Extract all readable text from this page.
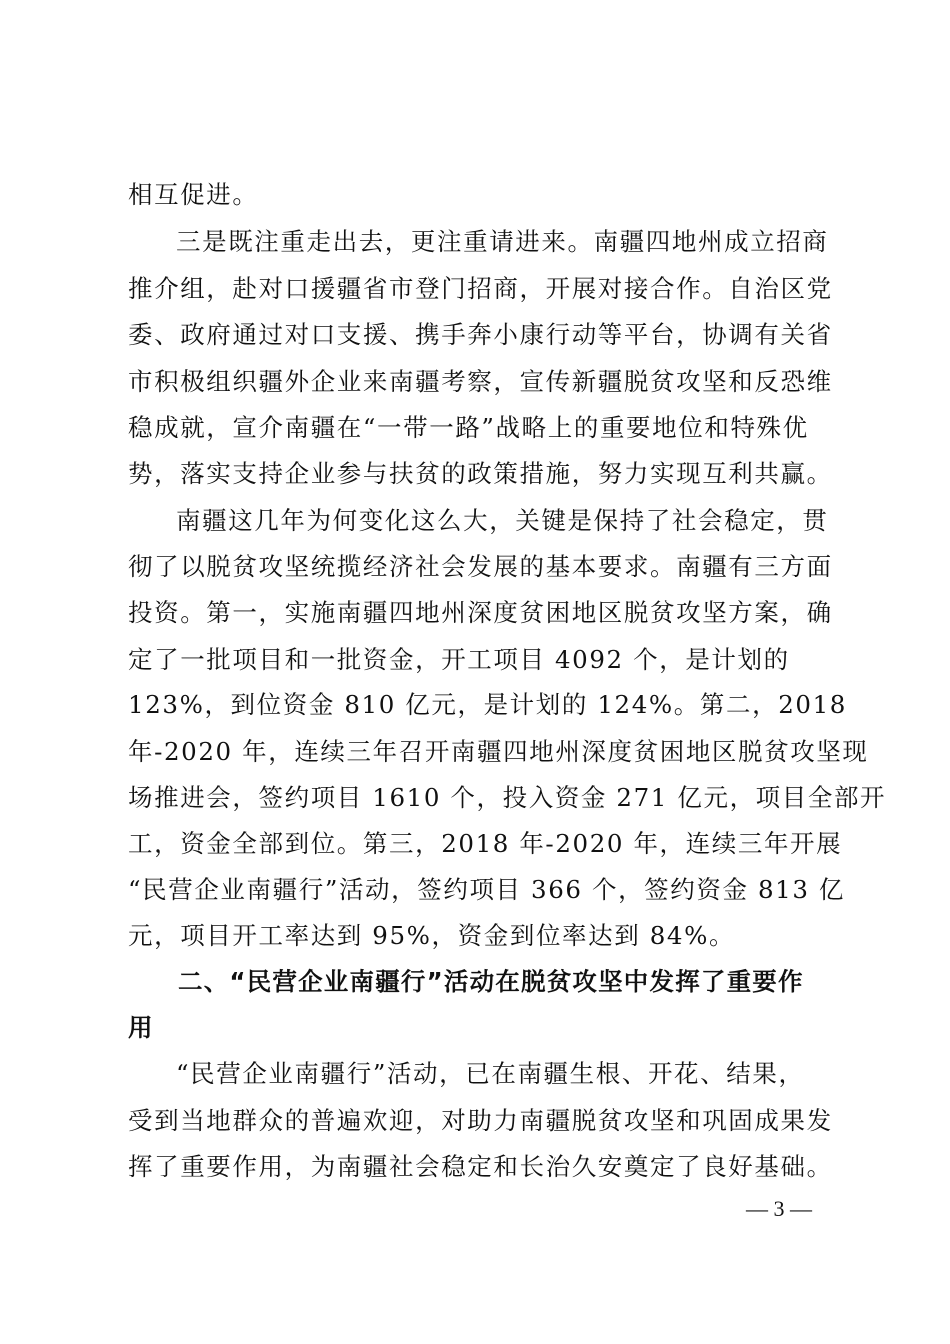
相互促进。
三是既注重走出去，更注重请进来。南疆四地州成立招商
推介组，赴对口援疆省市登门招商，开展对接合作。自治区党
委、政府通过对口支援、携手奔小康行动等平台，协调有关省
市积极组织疆外企业来南疆考察，宣传新疆脱贫攻坚和反恐维
稳成就，宣介南疆在“一带一路”战略上的重要地位和特殊优
势，落实支持企业参与扶贫的政策措施，努力实现互利共赢。
南疆这几年为何变化这么大，关键是保持了社会稳定，贯
彻了以脱贫攻坚统揽经济社会发展的基本要求。南疆有三方面
投资。第一，实施南疆四地州深度贫困地区脱贫攻坚方案，确
定了一批项目和一批资金，开工项目 4092 个，是计划的
123%，到位资金 810 亿元，是计划的 124%。第二，2018
年-2020 年，连续三年召开南疆四地州深度贫困地区脱贫攻坚现
场推进会，签约项目 1610 个，投入资金 271 亿元，项目全部开
工，资金全部到位。第三，2018 年-2020 年，连续三年开展
“民营企业南疆行”活动，签约项目 366 个，签约资金 813 亿
元，项目开工率达到 95%，资金到位率达到 84%。
二、“民营企业南疆行”活动在脱贫攻坚中发挥了重要作
用
“民营企业南疆行”活动，已在南疆生根、开花、结果，
受到当地群众的普遍欢迎，对助力南疆脱贫攻坚和巩固成果发
挥了重要作用，为南疆社会稳定和长治久安奠定了良好基础。
— 3 —
